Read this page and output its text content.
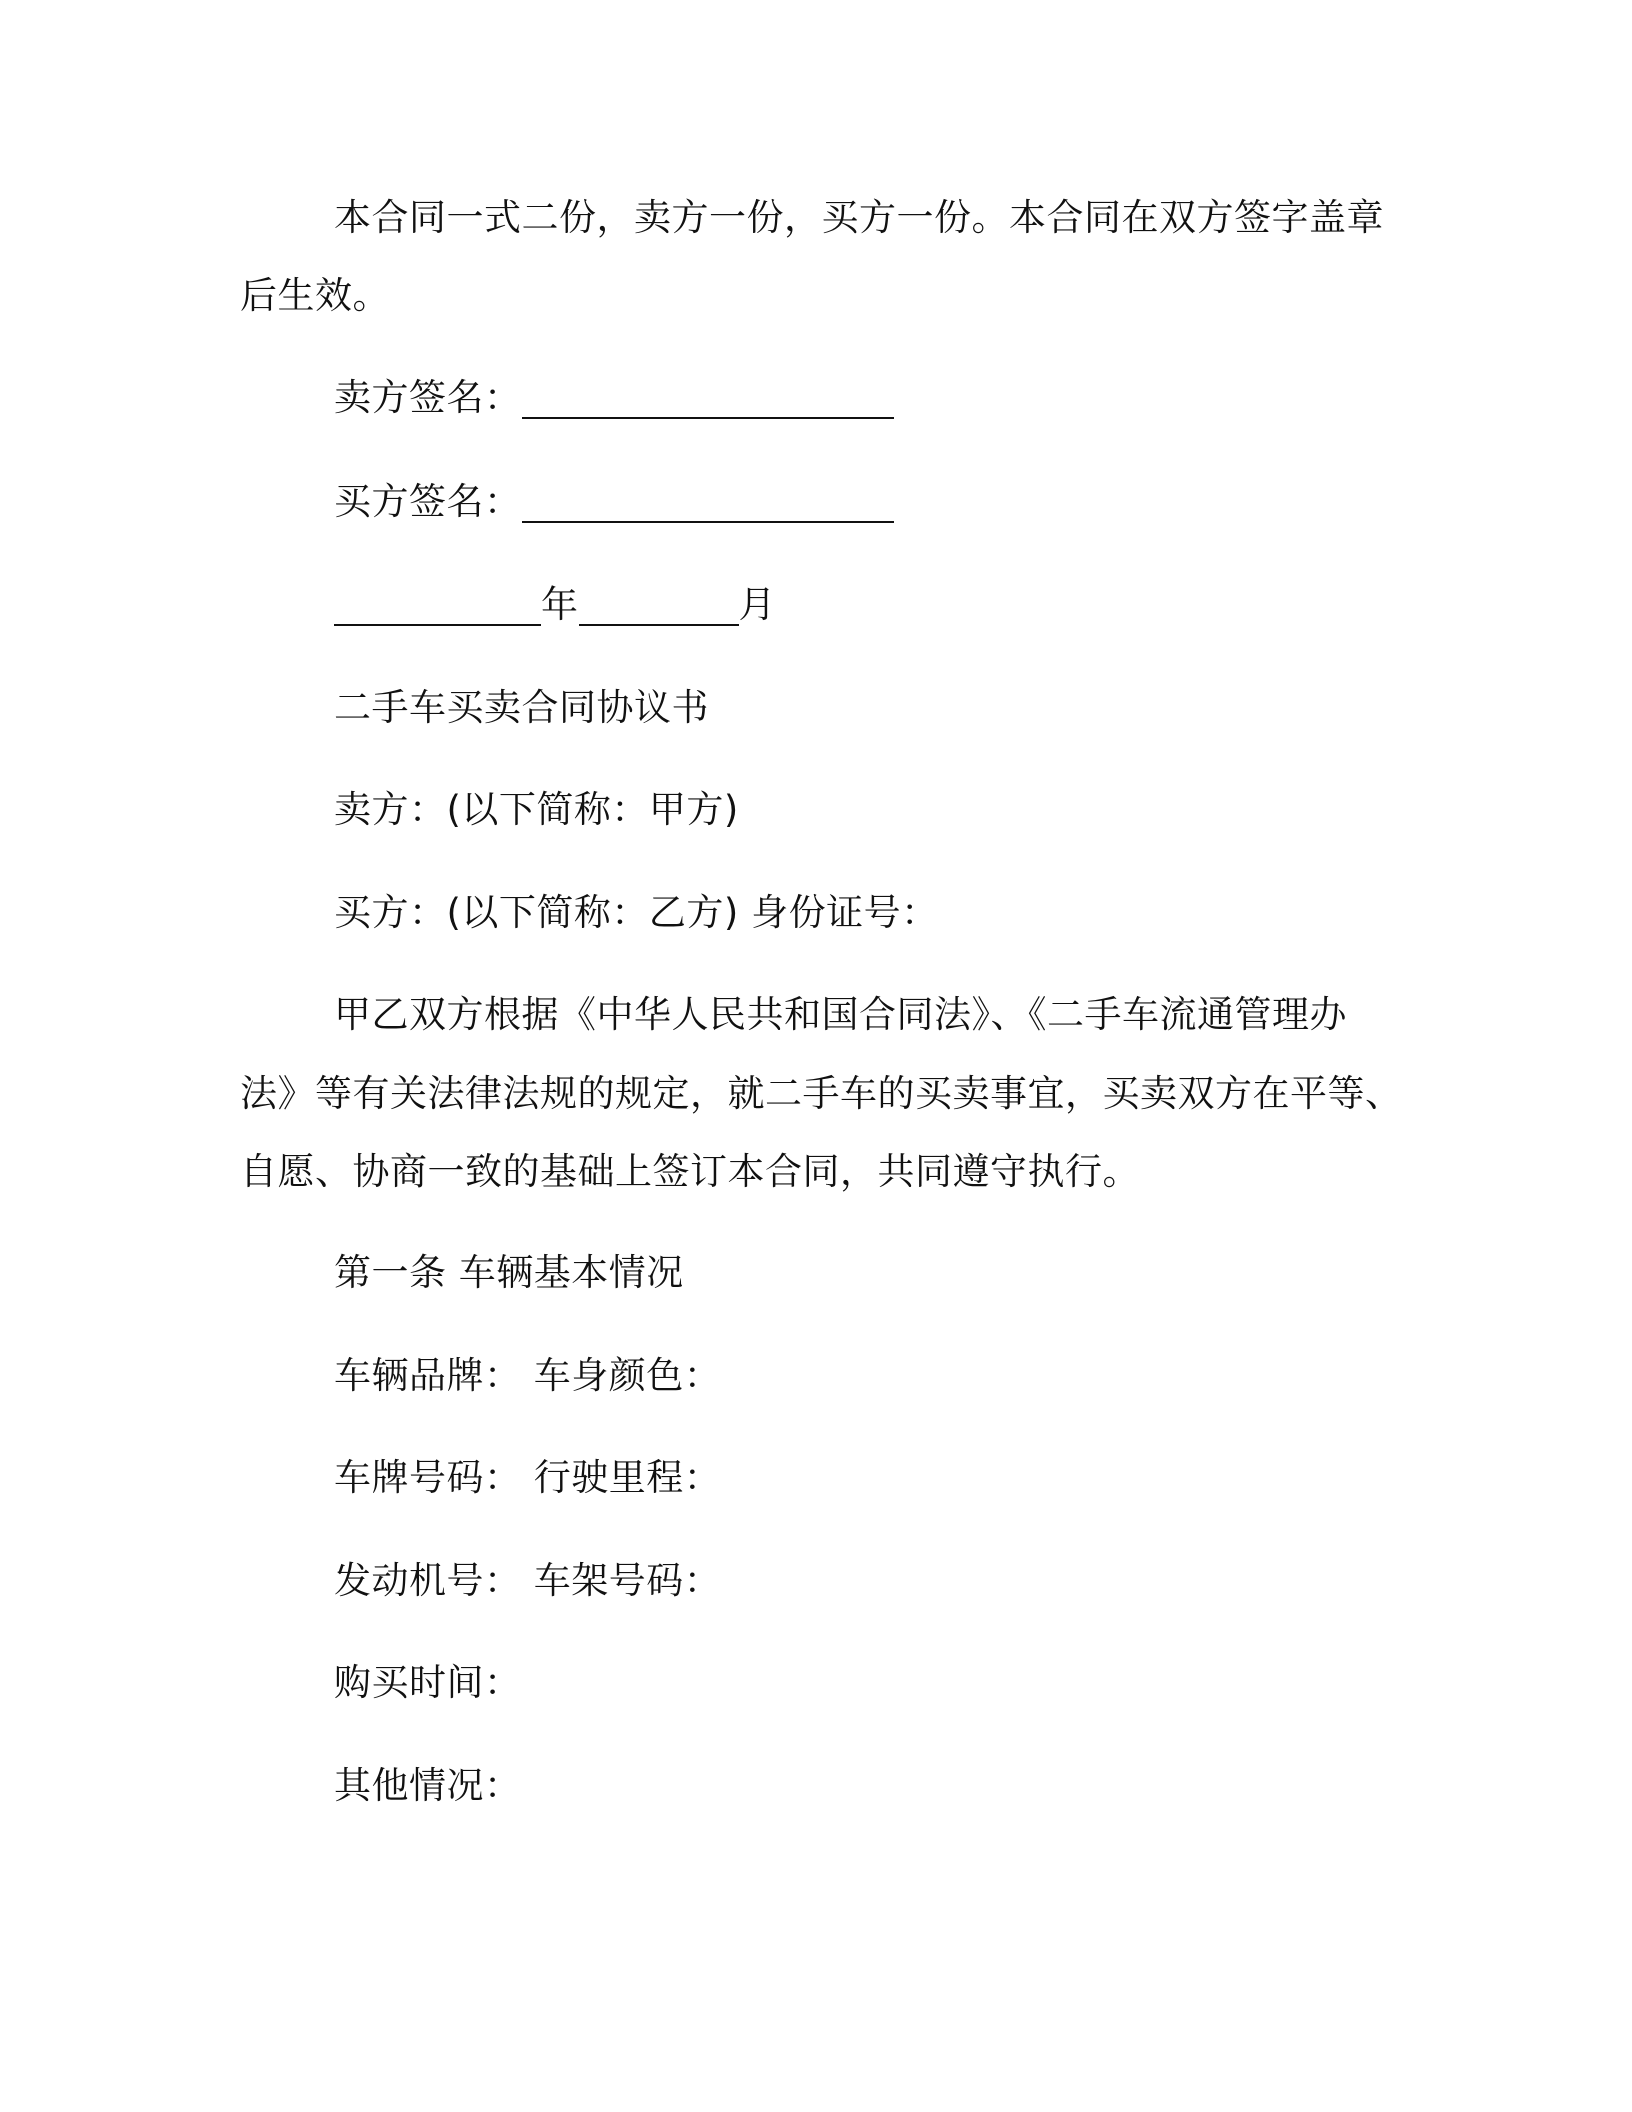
本合同一式二份，卖方一份，买方一份。本合同在双方签字盖章
后生效。
卖方签名：
买方签名：
年	月
二手车买卖合同协议书
卖方：(以下简称：甲方)
买方：(以下简称：乙方) 身份证号：
甲乙双方根据《中华人民共和国合同法》、《二手车流通管理办
法》等有关法律法规的规定，就二手车的买卖事宜，买卖双方在平等、
自愿、协商一致的基础上签订本合同，共同遵守执行。
第一条 车辆基本情况
车辆品牌： 车身颜色：
车牌号码： 行驶里程：
发动机号： 车架号码：
购买时间：
其他情况：
